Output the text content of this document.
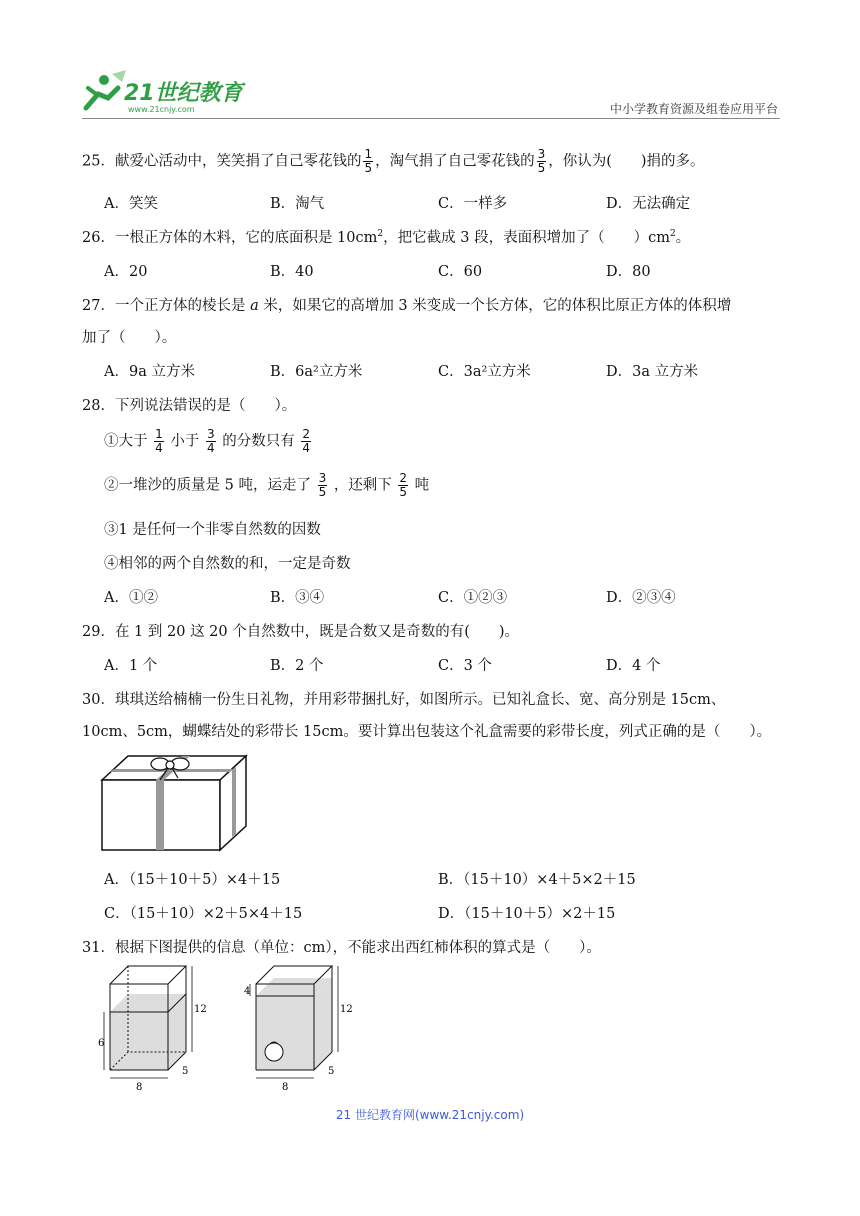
21世纪教育
www.21cnjy.com	中小学教育资源及组卷应用平台
25．献爱心活动中，笑笑捐了自己零花钱的 $\frac{1}{5}$ ，淘气捐了自己零花钱的 $\frac{3}{5}$ ，你认为(　　)捐的多。
A．笑笑	B．淘气	C．一样多	D．无法确定
26．一根正方体的木料，它的底面积是 $10cm^2$，把它截成 3 段，表面积增加了（　　）$cm^2$。
A．20	B．40	C．60	D．80
27．一个正方体的棱长是 a 米，如果它的高增加 3 米变成一个长方体，它的体积比原正方体的体积增
加了（　　）。
A．9a 立方米	B．6a²立方米	C．3a²立方米	D．3a 立方米
28．下列说法错误的是（　　）。
①大于 $\frac{1}{4}$ 小于 $\frac{3}{4}$ 的分数只有 $\frac{2}{4}$
②一堆沙的质量是 5 吨，运走了 $\frac{3}{5}$ ，还剩下 $\frac{2}{5}$ 吨
③1 是任何一个非零自然数的因数
④相邻的两个自然数的和，一定是奇数
A．①②	B．③④	C．①②③	D．②③④
29．在 1 到 20 这 20 个自然数中，既是合数又是奇数的有(　　)。
A．1 个	B．2 个	C．3 个	D．4 个
30．琪琪送给楠楠一份生日礼物，并用彩带捆扎好，如图所示。已知礼盒长、宽、高分别是 15cm、
10cm、5cm，蝴蝶结处的彩带长 15cm。要计算出包装这个礼盒需要的彩带长度，列式正确的是（　　）。
A．（15＋10＋5）×4＋15	B．（15＋10）×4＋5×2＋15
C．（15＋10）×2＋5×4＋15	D．（15＋10＋5）×2＋15
31．根据下图提供的信息（单位：cm），不能求出西红柿体积的算式是（　　）。
12
6
8
5
12
4
8
5
21 世纪教育网(www.21cnjy.com)
